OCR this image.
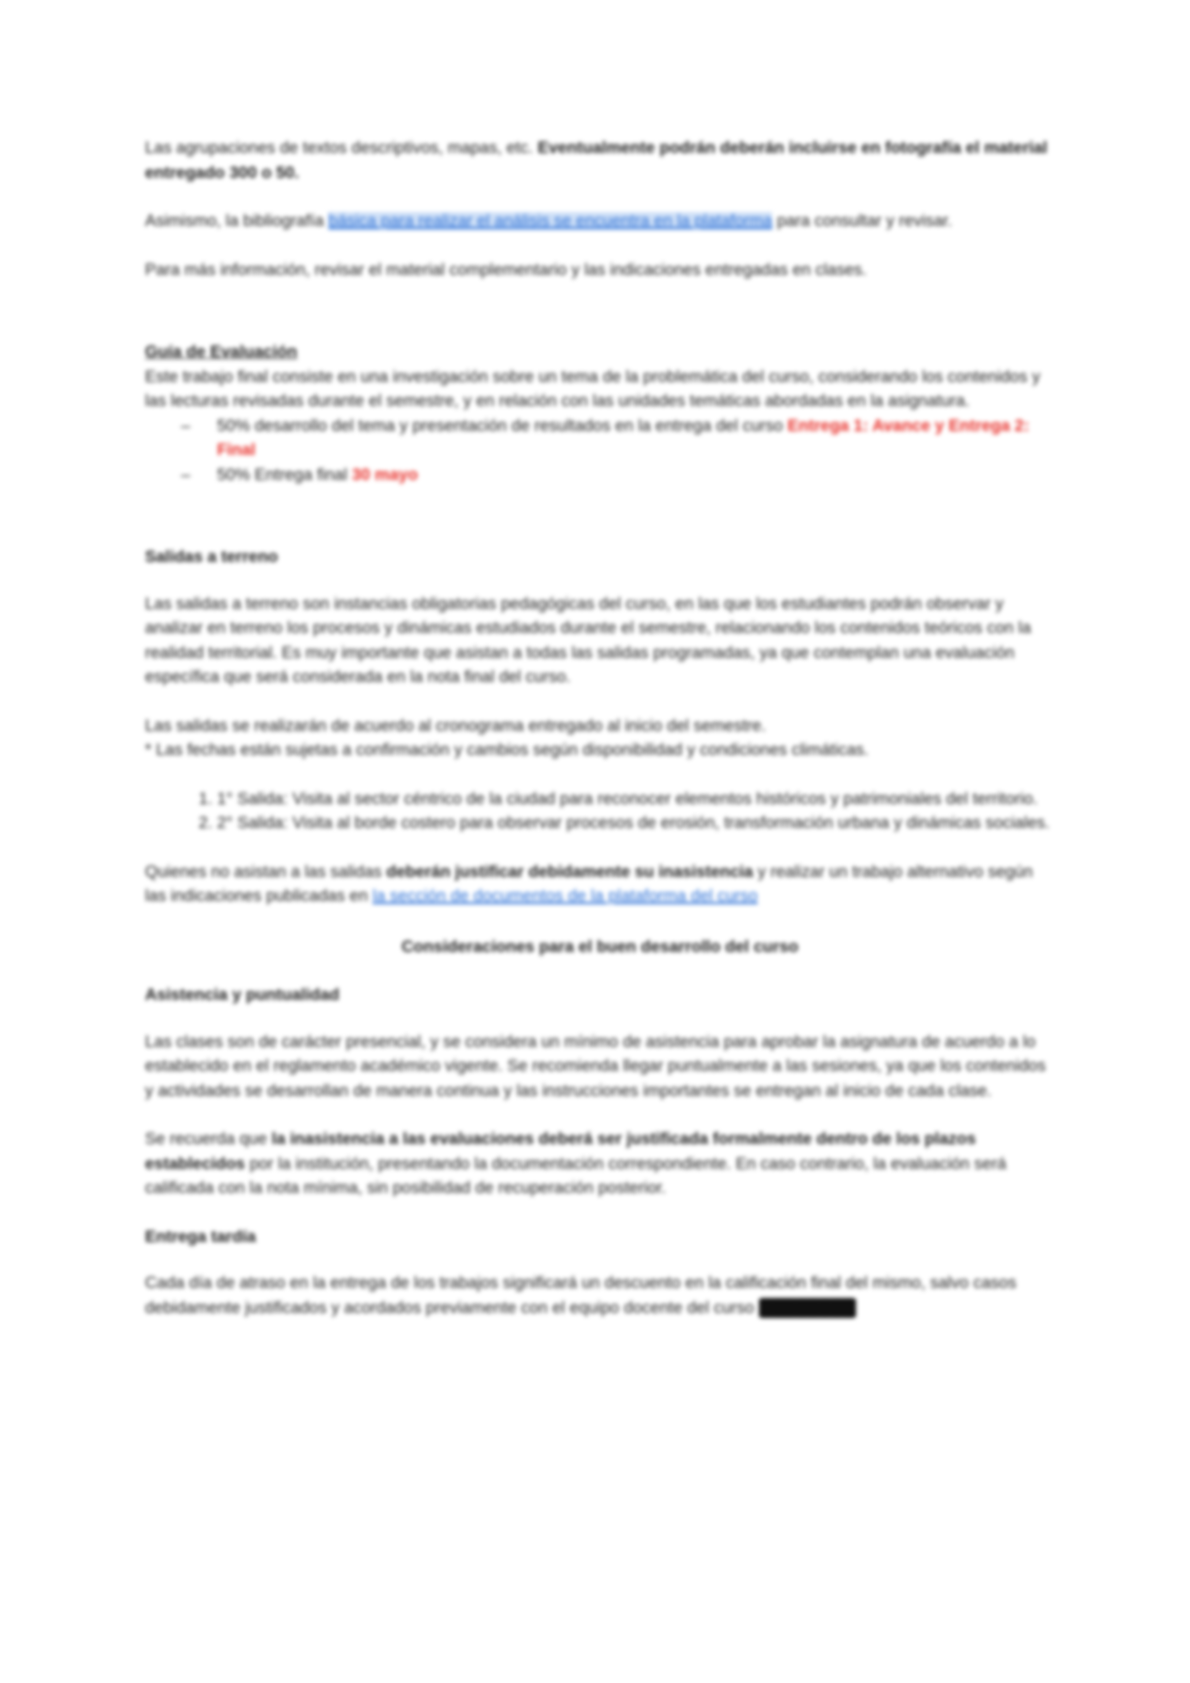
Las agrupaciones de textos descriptivos, mapas, etc. Eventualmente podrán deberán incluirse en fotografía el material entregado 300 o 50.

Asimismo, la bibliografía básica para realizar el análisis se encuentra en la plataforma para consultar y revisar.

Para más información, revisar el material complementario y las indicaciones entregadas en clases.

Guía de Evaluación

Este trabajo final consiste en una investigación sobre un tema de la problemática del curso, considerando los contenidos y las lecturas revisadas durante el semestre, y en relación con las unidades temáticas abordadas en la asignatura.

– 50% desarrollo del tema y presentación de resultados en la entrega del curso Entrega 1: Avance y Entrega 2: Final
– 50% Entrega final 30 mayo
Salidas a terreno

Las salidas a terreno son instancias obligatorias pedagógicas del curso, en las que los estudiantes podrán observar y analizar en terreno los procesos y dinámicas estudiados durante el semestre, relacionando los contenidos teóricos con la realidad territorial. Es muy importante que asistan a todas las salidas programadas, ya que contemplan una evaluación específica que será considerada en la nota final del curso.

Las salidas se realizarán de acuerdo al cronograma entregado al inicio del semestre.

* Las fechas están sujetas a confirmación y cambios según disponibilidad y condiciones climáticas.

1. 1° Salida: Visita al sector céntrico de la ciudad para reconocer elementos históricos y patrimoniales del territorio.
2. 2° Salida: Visita al borde costero para observar procesos de erosión, transformación urbana y dinámicas sociales.

Quienes no asistan a las salidas deberán justificar debidamente su inasistencia y realizar un trabajo alternativo según las indicaciones publicadas en la sección de documentos de la plataforma del curso

Consideraciones para el buen desarrollo del curso
Asistencia y puntualidad

Las clases son de carácter presencial, y se considera un mínimo de asistencia para aprobar la asignatura de acuerdo a lo establecido en el reglamento académico vigente. Se recomienda llegar puntualmente a las sesiones, ya que los contenidos y actividades se desarrollan de manera continua y las instrucciones importantes se entregan al inicio de cada clase.

Se recuerda que la inasistencia a las evaluaciones deberá ser justificada formalmente dentro de los plazos establecidos por la institución, presentando la documentación correspondiente. En caso contrario, la evaluación será calificada con la nota mínima, sin posibilidad de recuperación posterior.

Entrega tardía

Cada día de atraso en la entrega de los trabajos significará un descuento en la calificación final del mismo, salvo casos debidamente justificados y acordados previamente con el equipo docente del curso ████████
